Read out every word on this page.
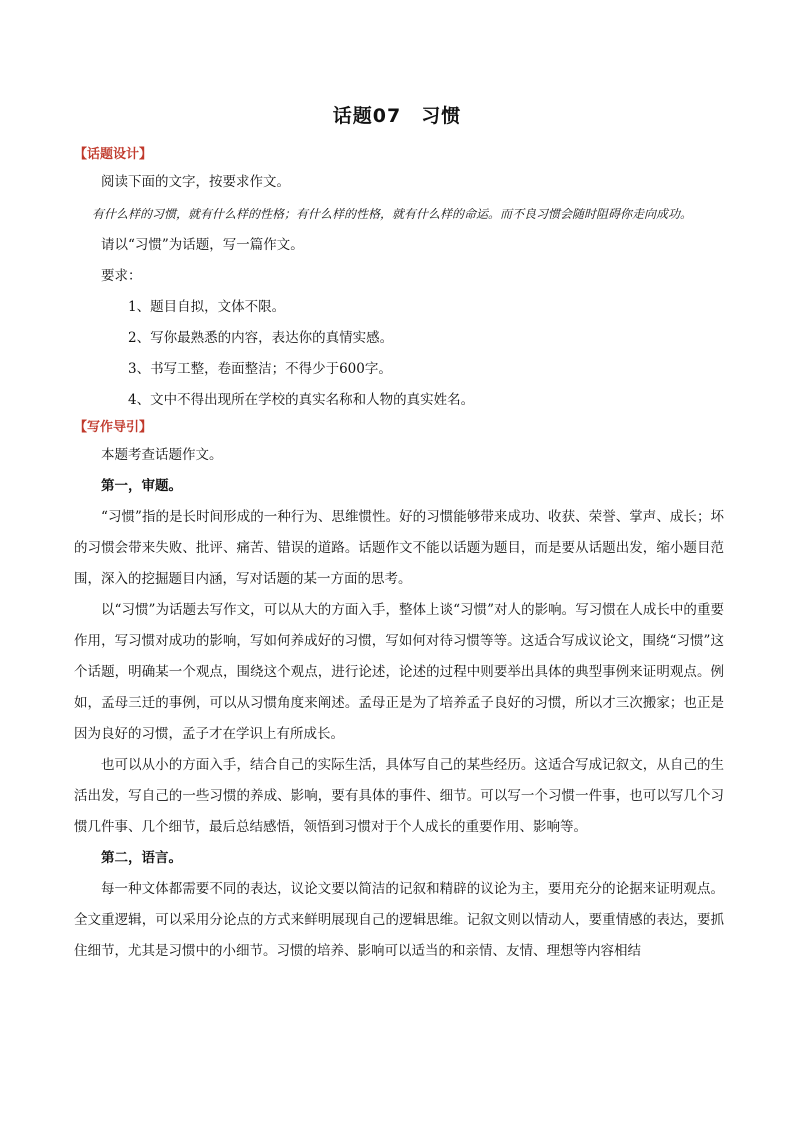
话题07　习惯

【话题设计】

阅读下面的文字，按要求作文。

有什么样的习惯，就有什么样的性格；有什么样的性格，就有什么样的命运。而不良习惯会随时阻碍你走向成功。

请以“习惯”为话题，写一篇作文。

要求：

1、题目自拟，文体不限。

2、写你最熟悉的内容，表达你的真情实感。

3、书写工整，卷面整洁；不得少于600字。

4、文中不得出现所在学校的真实名称和人物的真实姓名。

【写作导引】

本题考查话题作文。

第一，审题。

“习惯”指的是长时间形成的一种行为、思维惯性。好的习惯能够带来成功、收获、荣誉、掌声、成长；坏的习惯会带来失败、批评、痛苦、错误的道路。话题作文不能以话题为题目，而是要从话题出发，缩小题目范围，深入的挖掘题目内涵，写对话题的某一方面的思考。

以“习惯”为话题去写作文，可以从大的方面入手，整体上谈“习惯”对人的影响。写习惯在人成长中的重要作用，写习惯对成功的影响，写如何养成好的习惯，写如何对待习惯等等。这适合写成议论文，围绕“习惯”这个话题，明确某一个观点，围绕这个观点，进行论述，论述的过程中则要举出具体的典型事例来证明观点。例如，孟母三迁的事例，可以从习惯角度来阐述。孟母正是为了培养孟子良好的习惯，所以才三次搬家；也正是因为良好的习惯，孟子才在学识上有所成长。

也可以从小的方面入手，结合自己的实际生活，具体写自己的某些经历。这适合写成记叙文，从自己的生活出发，写自己的一些习惯的养成、影响，要有具体的事件、细节。可以写一个习惯一件事，也可以写几个习惯几件事、几个细节，最后总结感悟，领悟到习惯对于个人成长的重要作用、影响等。

第二，语言。

每一种文体都需要不同的表达，议论文要以简洁的记叙和精辟的议论为主，要用充分的论据来证明观点。全文重逻辑，可以采用分论点的方式来鲜明展现自己的逻辑思维。记叙文则以情动人，要重情感的表达，要抓住细节，尤其是习惯中的小细节。习惯的培养、影响可以适当的和亲情、友情、理想等内容相结
